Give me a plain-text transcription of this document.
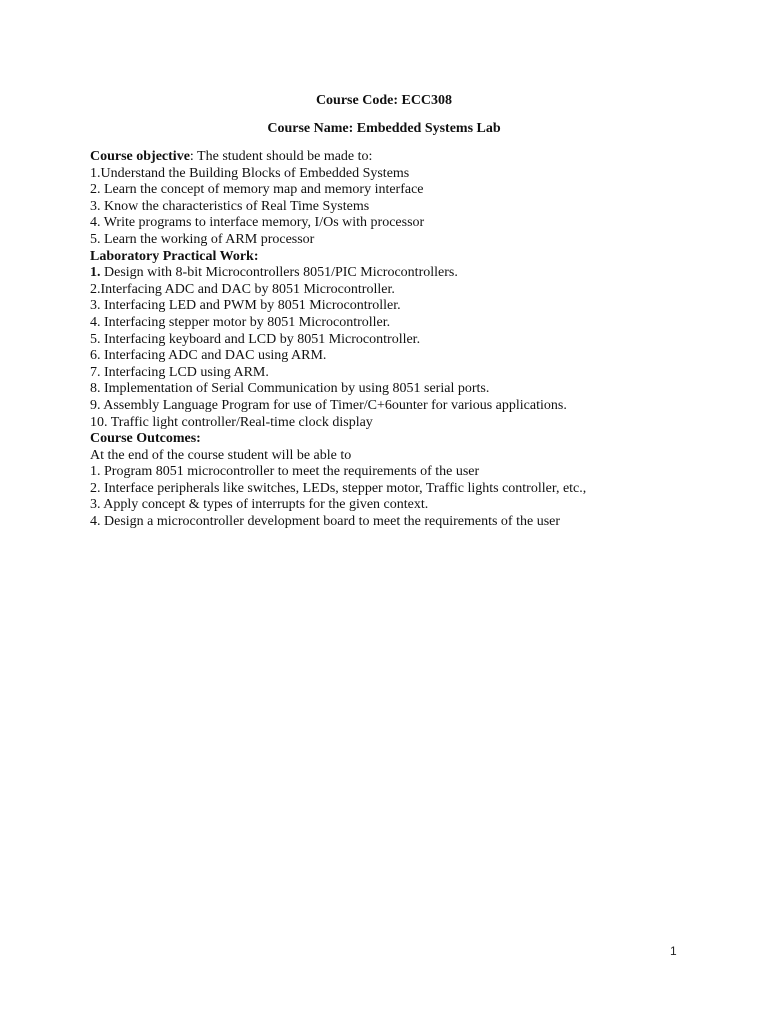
Course Code: ECC308
Course Name: Embedded Systems Lab
Course objective: The student should be made to:
1.Understand the Building Blocks of Embedded Systems
2. Learn the concept of memory map and memory interface
3. Know the characteristics of Real Time Systems
4. Write programs to interface memory, I/Os with processor
5. Learn the working of ARM processor
Laboratory Practical Work:
1. Design with 8-bit Microcontrollers 8051/PIC Microcontrollers.
2.Interfacing ADC and DAC by 8051 Microcontroller.
3. Interfacing LED and PWM by 8051 Microcontroller.
4. Interfacing stepper motor by 8051 Microcontroller.
5. Interfacing keyboard and LCD by 8051 Microcontroller.
6. Interfacing ADC and DAC using ARM.
7. Interfacing LCD using ARM.
8. Implementation of Serial Communication by using 8051 serial ports.
9. Assembly Language Program for use of Timer/C+6ounter for various applications.
10. Traffic light controller/Real-time clock display
Course Outcomes:
At the end of the course student will be able to
1. Program 8051 microcontroller to meet the requirements of the user
2. Interface peripherals like switches, LEDs, stepper motor, Traffic lights controller, etc.,
3. Apply concept & types of interrupts for the given context.
4. Design a microcontroller development board to meet the requirements of the user
1
